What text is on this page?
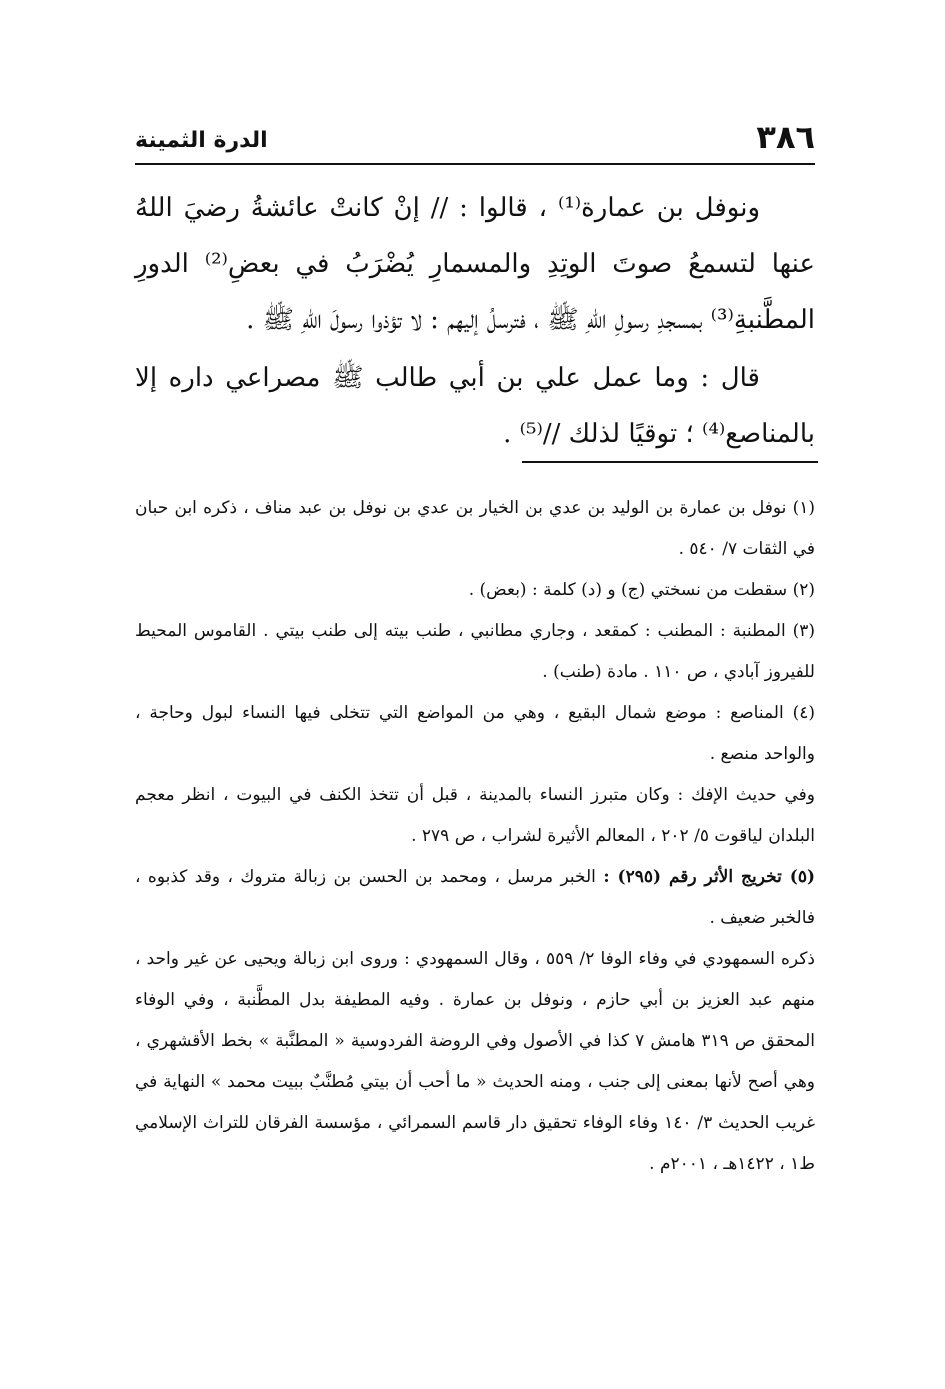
الدرة الثمينة	٣٨٦

ونوفل بن عمارة⁽¹⁾ ، قالوا : // إنْ كانتْ عائشةُ رضيَ اللهُ عنها لتسمعُ صوتَ الوتِدِ والمسمارِ يُضْرَبُ في بعضِ⁽²⁾ الدورِ المطَّنبةِ⁽³⁾ بمسجدِ رسولِ اللهِ ﷺ ، فترسلُ إليهم : لا تؤذوا رسولَ اللهِ ﷺ .

قال : وما عمل علي بن أبي طالب ﷺ مصراعي داره إلا بالمناصع⁽⁴⁾ ؛ توقيًا لذلك //⁽⁵⁾ .

(١) نوفل بن عمارة بن الوليد بن عدي بن الخيار بن عدي بن نوفل بن عبد مناف ، ذكره ابن حبان في الثقات ٧/ ٥٤٠ .

(٢) سقطت من نسختي (ج) و (د) كلمة : (بعض) .

(٣) المطنبة : المطنب : كمقعد ، وجاري مطانبي ، طنب بيته إلى طنب بيتي . القاموس المحيط للفيروز آبادي ، ص ١١٠ . مادة (طنب) .

(٤) المناصع : موضع شمال البقيع ، وهي من المواضع التي تتخلى فيها النساء لبول وحاجة ، والواحد منصع .

وفي حديث الإفك : وكان متبرز النساء بالمدينة ، قبل أن تتخذ الكنف في البيوت ، انظر معجم البلدان لياقوت ٥/ ٢٠٢ ، المعالم الأثيرة لشراب ، ص ٢٧٩ .

(٥) تخريج الأثر رقم (٢٩٥) : الخبر مرسل ، ومحمد بن الحسن بن زبالة متروك ، وقد كذبوه ، فالخبر ضعيف .

ذكره السمهودي في وفاء الوفا ٢/ ٥٥٩ ، وقال السمهودي : وروى ابن زبالة ويحيى عن غير واحد ، منهم عبد العزيز بن أبي حازم ، ونوفل بن عمارة . وفيه المطيفة بدل المطَّنبة ، وفي الوفاء المحقق ص ٣١٩ هامش ٧ كذا في الأصول وفي الروضة الفردوسية « المطنَّبة » بخط الأقشهري ، وهي أصح لأنها بمعنى إلى جنب ، ومنه الحديث « ما أحب أن بيتي مُطنَّبٌ ببيت محمد » النهاية في غريب الحديث ٣/ ١٤٠ وفاء الوفاء تحقيق دار قاسم السمرائي ، مؤسسة الفرقان للتراث الإسلامي ط١ ، ١٤٢٢هـ ، ٢٠٠١م .
